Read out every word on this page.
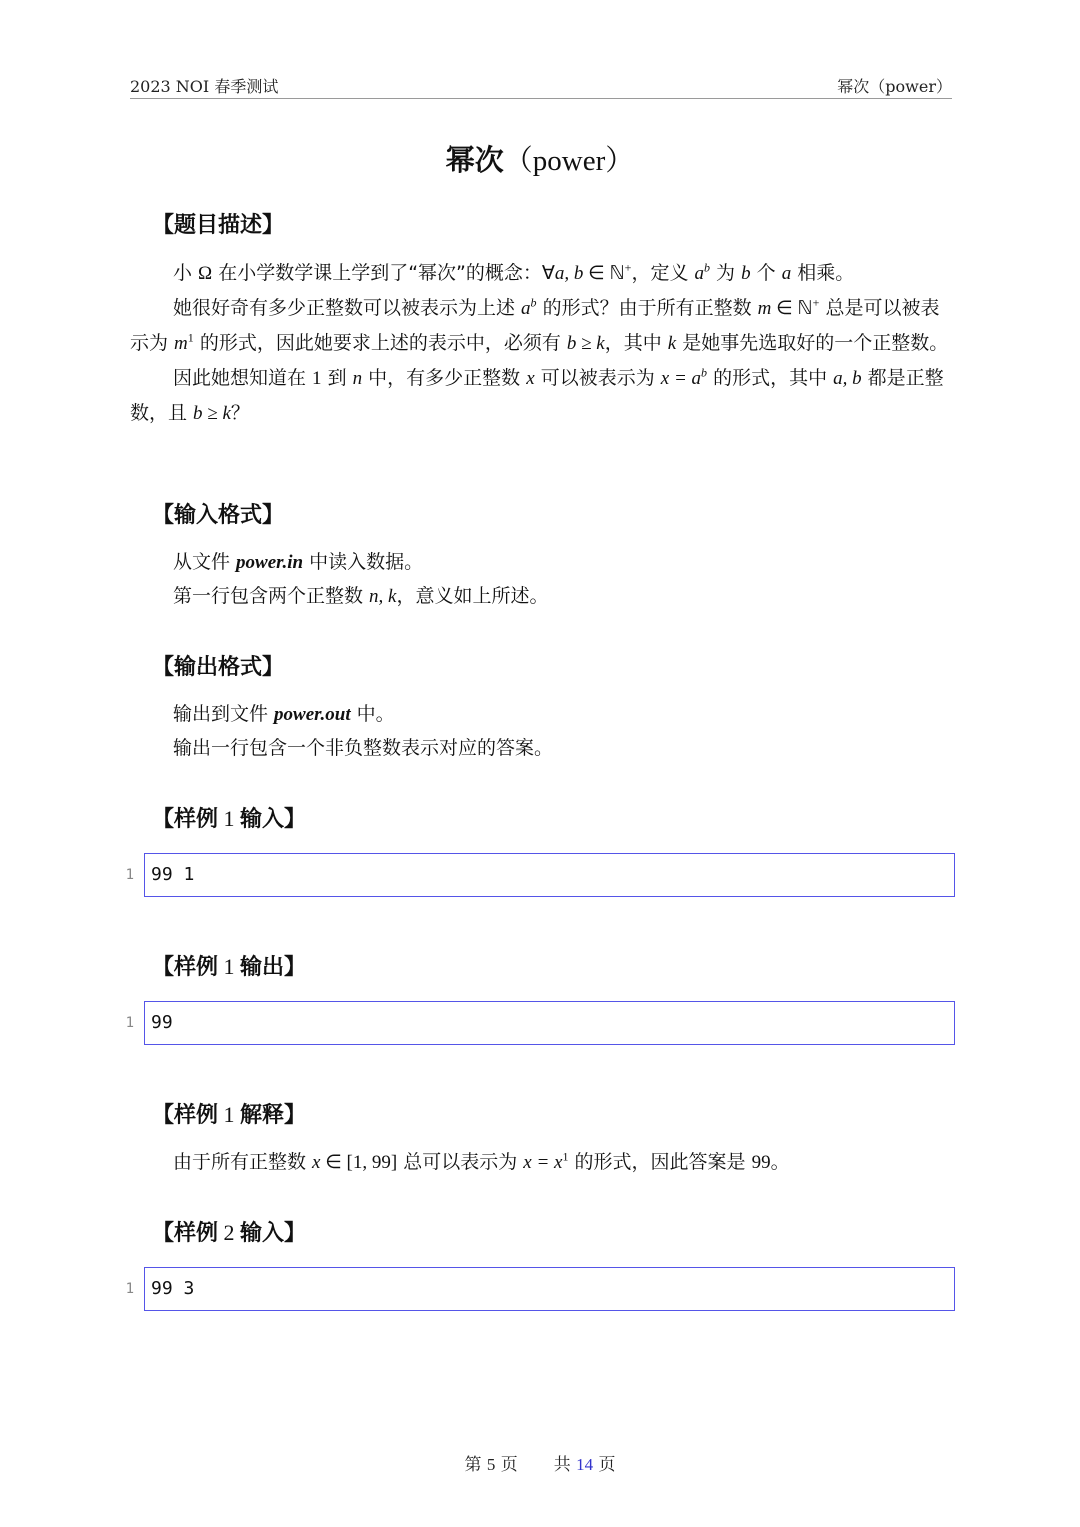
2023 NOI 春季测试	幂次（power）
幂次（power）
【题目描述】

小 Ω 在小学数学课上学到了“幂次”的概念：∀a, b ∈ ℕ+，定义 $a^b$ 为 b 个 a 相乘。

她很好奇有多少正整数可以被表示为上述 $a^b$ 的形式？由于所有正整数 m ∈ ℕ+ 总是可以被表示为 $m^1$ 的形式，因此她要求上述的表示中，必须有 b ≥ k，其中 k 是她事先选取好的一个正整数。

因此她想知道在 1 到 n 中，有多少正整数 x 可以被表示为 $x = a^b$ 的形式，其中 a, b 都是正整数，且 b ≥ k？

【输入格式】
从文件 power.in 中读入数据。
第一行包含两个正整数 n, k，意义如上所述。
【输出格式】
输出到文件 power.out 中。
输出一行包含一个非负整数表示对应的答案。
【样例 1 输入】
1 99 1
【样例 1 输出】
1 99
【样例 1 解释】
由于所有正整数 x ∈ [1, 99] 总可以表示为 $x = x^1$ 的形式，因此答案是 99。
【样例 2 输入】
1 99 3
第 5 页 共 14 页
